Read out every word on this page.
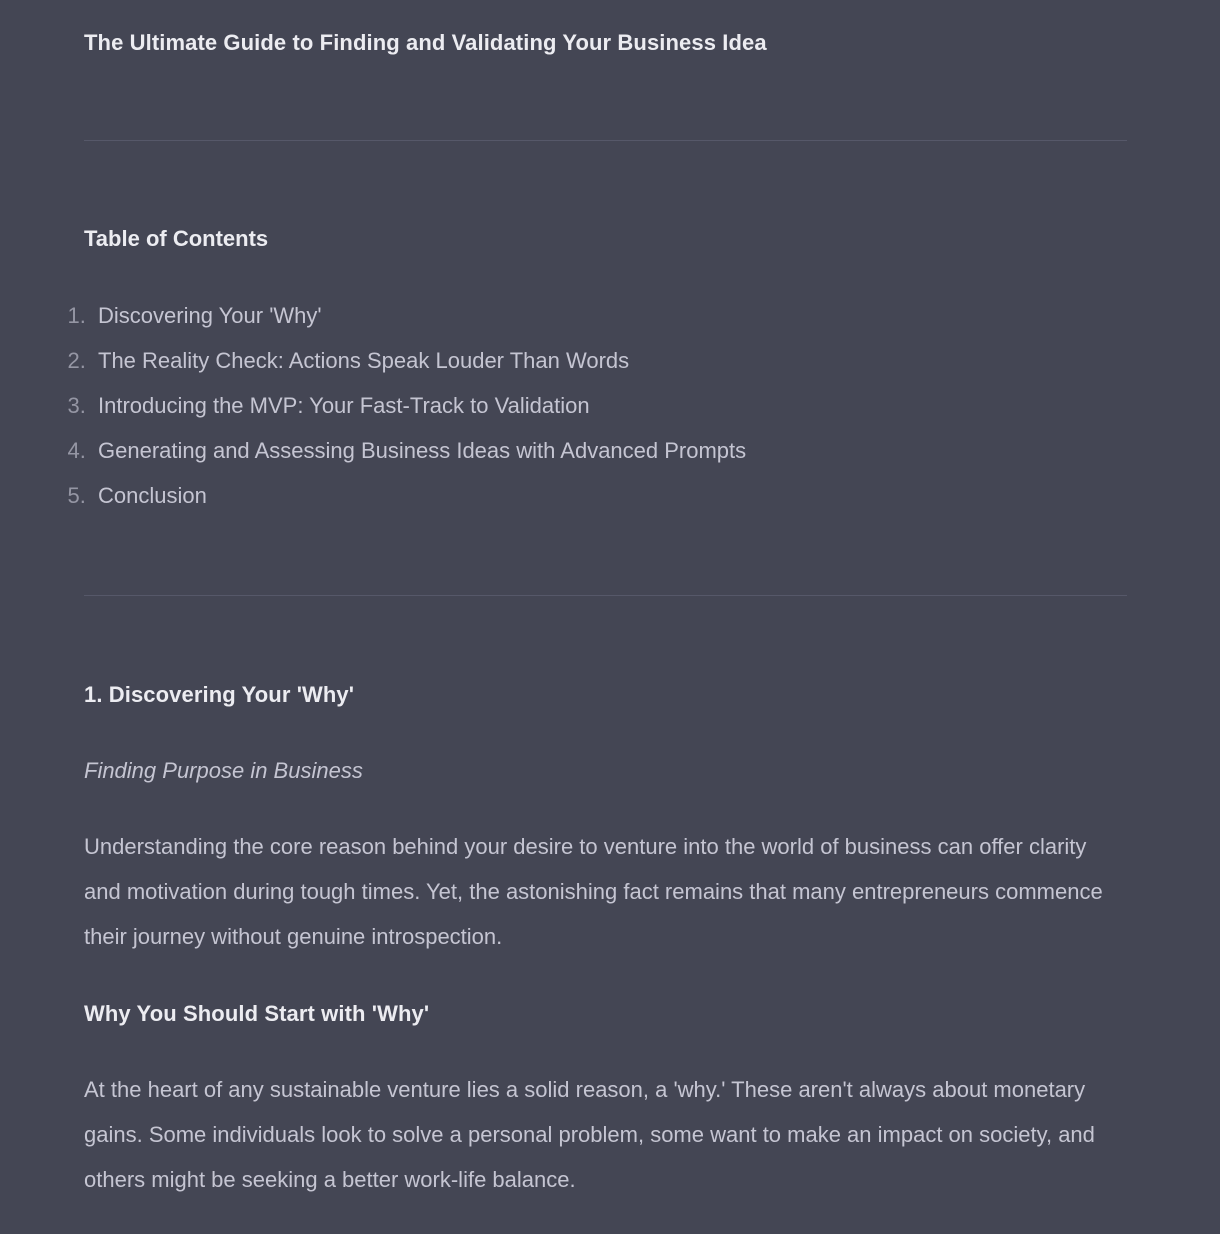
The Ultimate Guide to Finding and Validating Your Business Idea
Table of Contents
1. Discovering Your 'Why'
2. The Reality Check: Actions Speak Louder Than Words
3. Introducing the MVP: Your Fast-Track to Validation
4. Generating and Assessing Business Ideas with Advanced Prompts
5. Conclusion
1. Discovering Your 'Why'

Finding Purpose in Business

Understanding the core reason behind your desire to venture into the world of business can offer clarity and motivation during tough times. Yet, the astonishing fact remains that many entrepreneurs commence their journey without genuine introspection.

Why You Should Start with 'Why'

At the heart of any sustainable venture lies a solid reason, a 'why.' These aren't always about monetary gains. Some individuals look to solve a personal problem, some want to make an impact on society, and others might be seeking a better work-life balance.
